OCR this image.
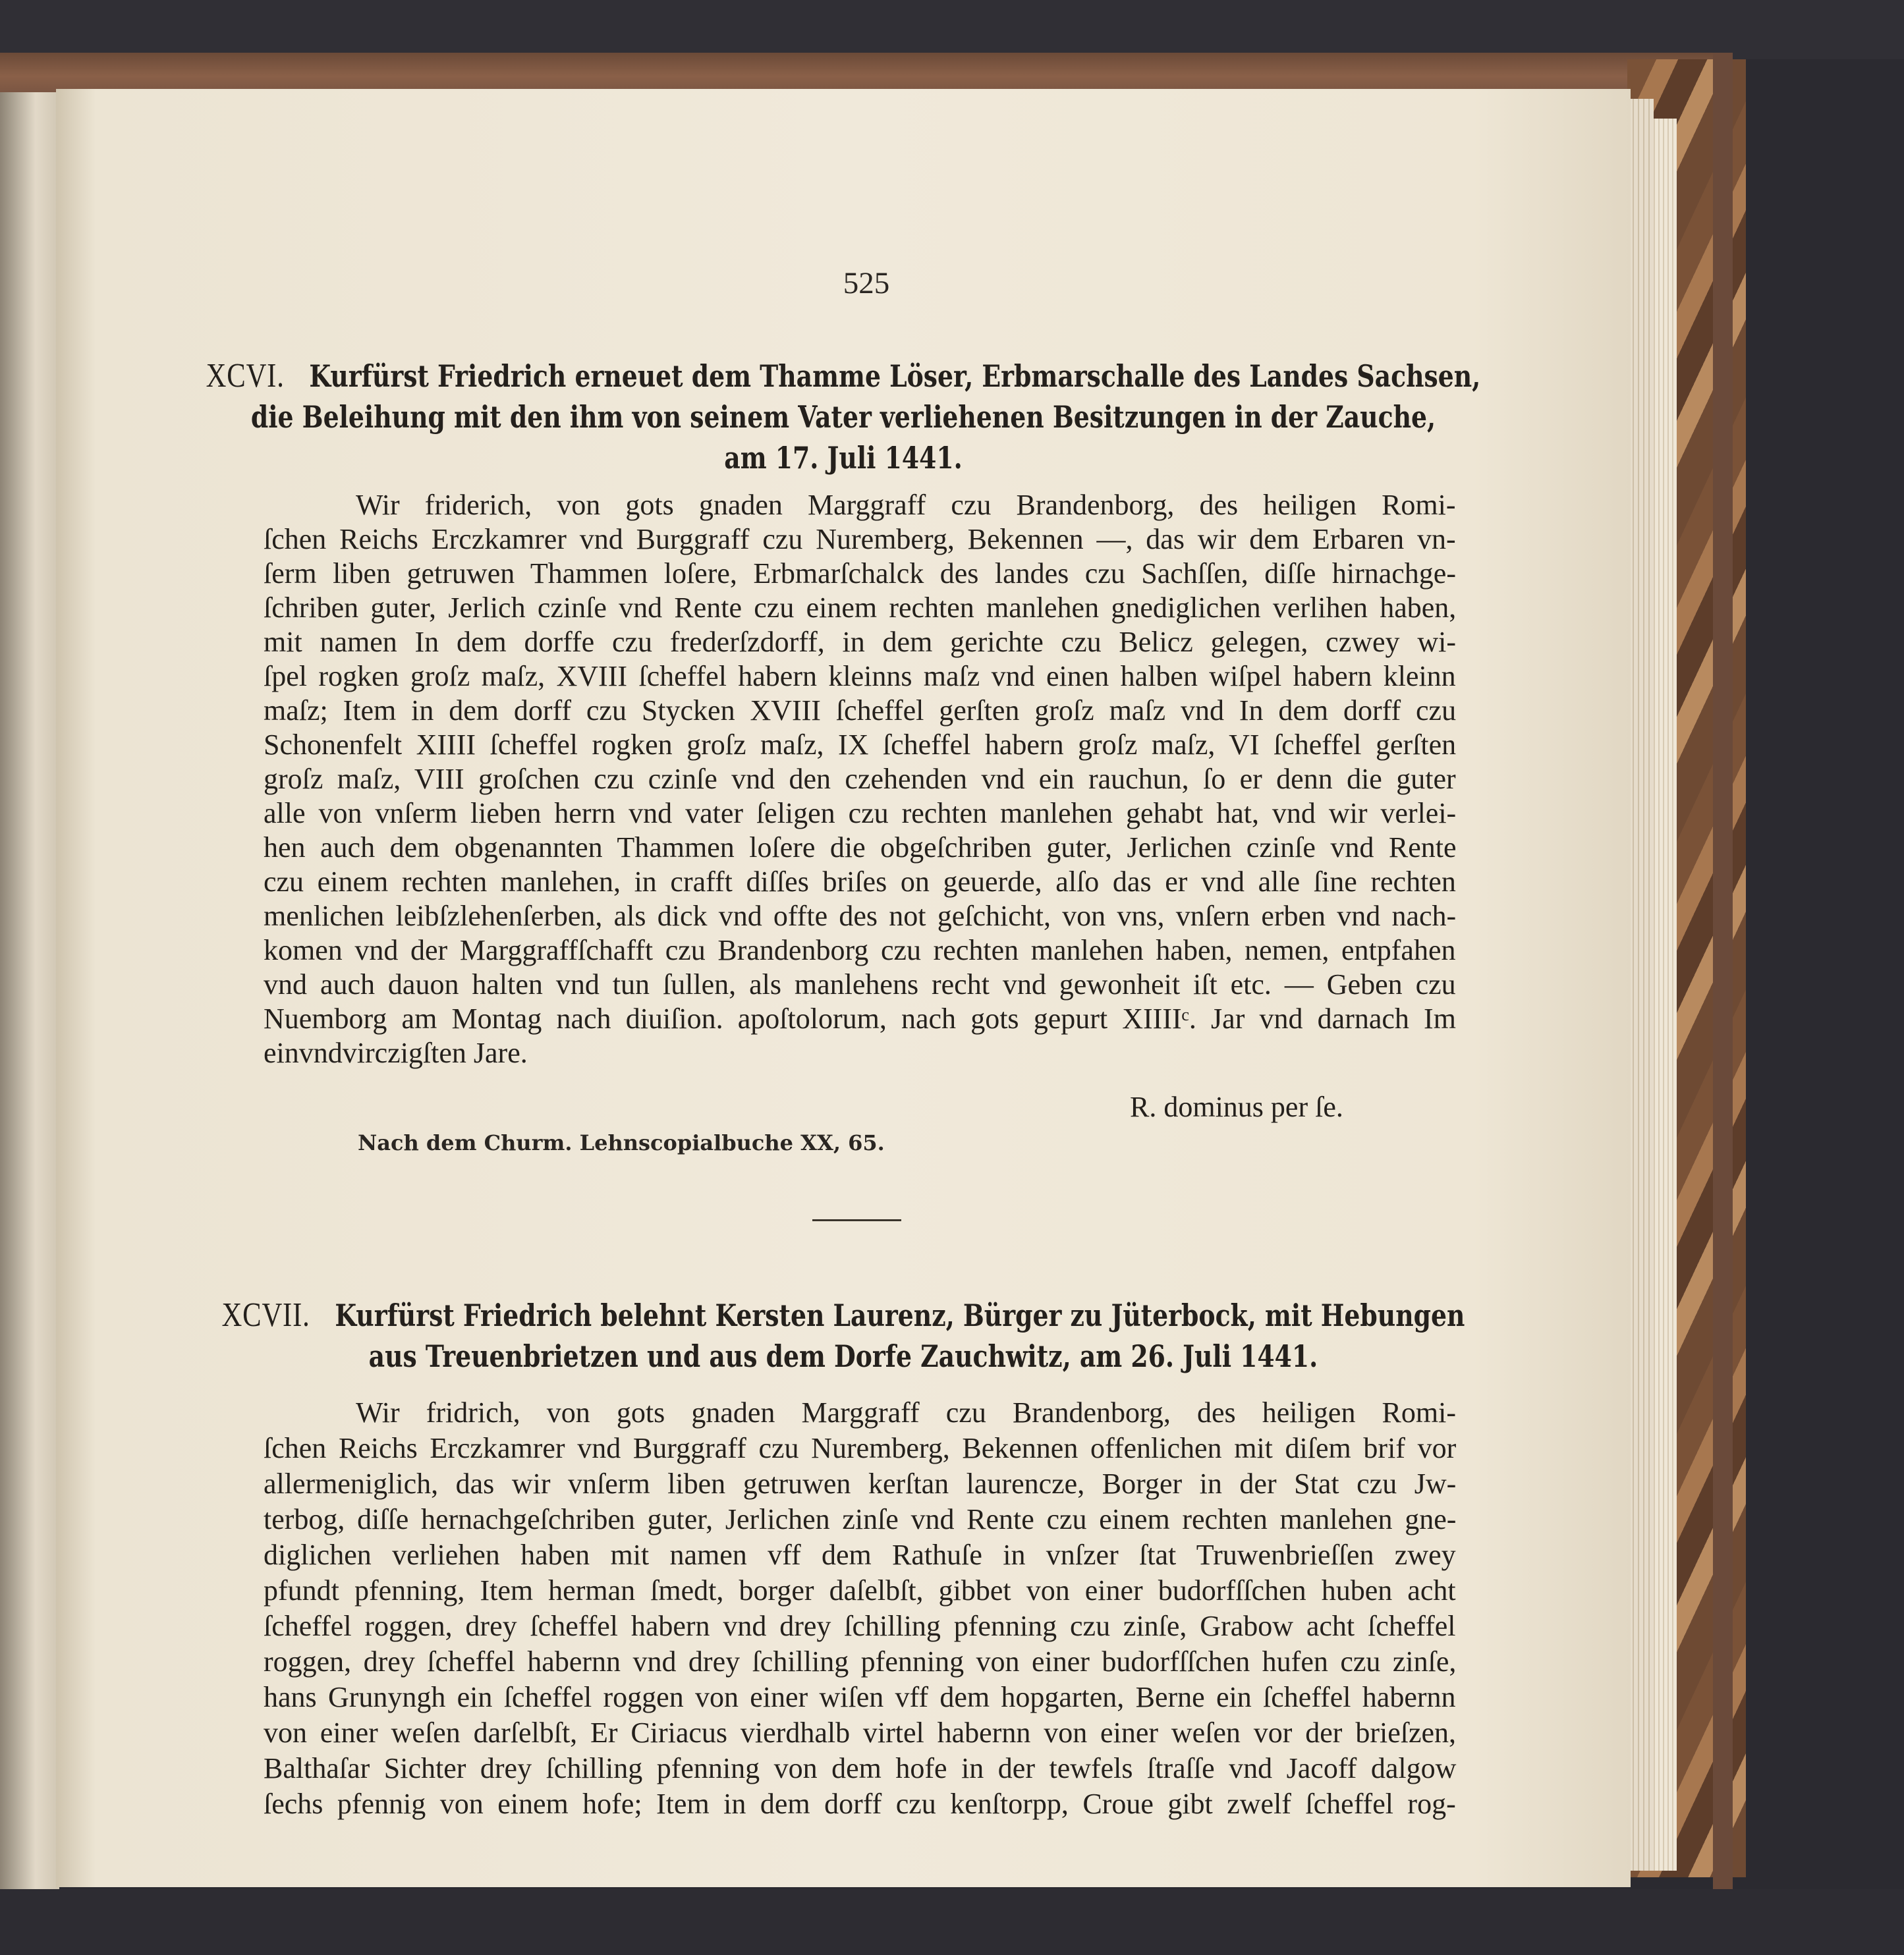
525
XCVI. Kurfürst Friedrich erneuet dem Thamme Löser, Erbmarschalle des Landes Sachsen,
die Beleihung mit den ihm von seinem Vater verliehenen Besitzungen in der Zauche,
am 17. Juli 1441.
Wir friderich, von gots gnaden Marggraff czu Brandenborg, des heiligen Romi-
ſchen Reichs Erczkamrer vnd Burggraff czu Nuremberg, Bekennen —, das wir dem Erbaren vn-
ſerm liben getruwen Thammen loſere, Erbmarſchalck des landes czu Sachſſen, diſſe hirnachge-
ſchriben guter, Jerlich czinſe vnd Rente czu einem rechten manlehen gnediglichen verlihen haben,
mit namen In dem dorffe czu frederſzdorff, in dem gerichte czu Belicz gelegen, czwey wi-
ſpel rogken groſz maſz, XVIII ſcheffel habern kleinns maſz vnd einen halben wiſpel habern kleinn
maſz; Item in dem dorff czu Stycken XVIII ſcheffel gerſten groſz maſz vnd In dem dorff czu
Schonenfelt XIIII ſcheffel rogken groſz maſz, IX ſcheffel habern groſz maſz, VI ſcheffel gerſten
groſz maſz, VIII groſchen czu czinſe vnd den czehenden vnd ein rauchun, ſo er denn die guter
alle von vnſerm lieben herrn vnd vater ſeligen czu rechten manlehen gehabt hat, vnd wir verlei-
hen auch dem obgenannten Thammen loſere die obgeſchriben guter, Jerlichen czinſe vnd Rente
czu einem rechten manlehen, in crafft diſſes briſes on geuerde, alſo das er vnd alle ſine rechten
menlichen leibſzlehenſerben, als dick vnd offte des not geſchicht, von vns, vnſern erben vnd nach-
komen vnd der Marggraffſchafft czu Brandenborg czu rechten manlehen haben, nemen, entpfahen
vnd auch dauon halten vnd tun ſullen, als manlehens recht vnd gewonheit iſt etc. — Geben czu
Nuemborg am Montag nach diuiſion. apoſtolorum, nach gots gepurt XIIIIᶜ. Jar vnd darnach Im
einvndvirczigſten Jare.
R. dominus per ſe.
Nach dem Churm. Lehnscopialbuche XX, 65.
XCVII. Kurfürst Friedrich belehnt Kersten Laurenz, Bürger zu Jüterbock, mit Hebungen
aus Treuenbrietzen und aus dem Dorfe Zauchwitz, am 26. Juli 1441.
Wir fridrich, von gots gnaden Marggraff czu Brandenborg, des heiligen Romi-
ſchen Reichs Erczkamrer vnd Burggraff czu Nuremberg, Bekennen offenlichen mit diſem brif vor
allermeniglich, das wir vnſerm liben getruwen kerſtan laurencze, Borger in der Stat czu Jw-
terbog, diſſe hernachgeſchriben guter, Jerlichen zinſe vnd Rente czu einem rechten manlehen gne-
diglichen verliehen haben mit namen vff dem Rathuſe in vnſzer ſtat Truwenbrieſſen zwey
pfundt pfenning, Item herman ſmedt, borger daſelbſt, gibbet von einer budorfſſchen huben acht
ſcheffel roggen, drey ſcheffel habern vnd drey ſchilling pfenning czu zinſe, Grabow acht ſcheffel
roggen, drey ſcheffel habernn vnd drey ſchilling pfenning von einer budorfſſchen hufen czu zinſe,
hans Grunyngh ein ſcheffel roggen von einer wiſen vff dem hopgarten, Berne ein ſcheffel habernn
von einer weſen darſelbſt, Er Ciriacus vierdhalb virtel habernn von einer weſen vor der brieſzen,
Balthaſar Sichter drey ſchilling pfenning von dem hofe in der tewfels ſtraſſe vnd Jacoff dalgow
ſechs pfennig von einem hofe; Item in dem dorff czu kenſtorpp, Croue gibt zwelf ſcheffel rog-
